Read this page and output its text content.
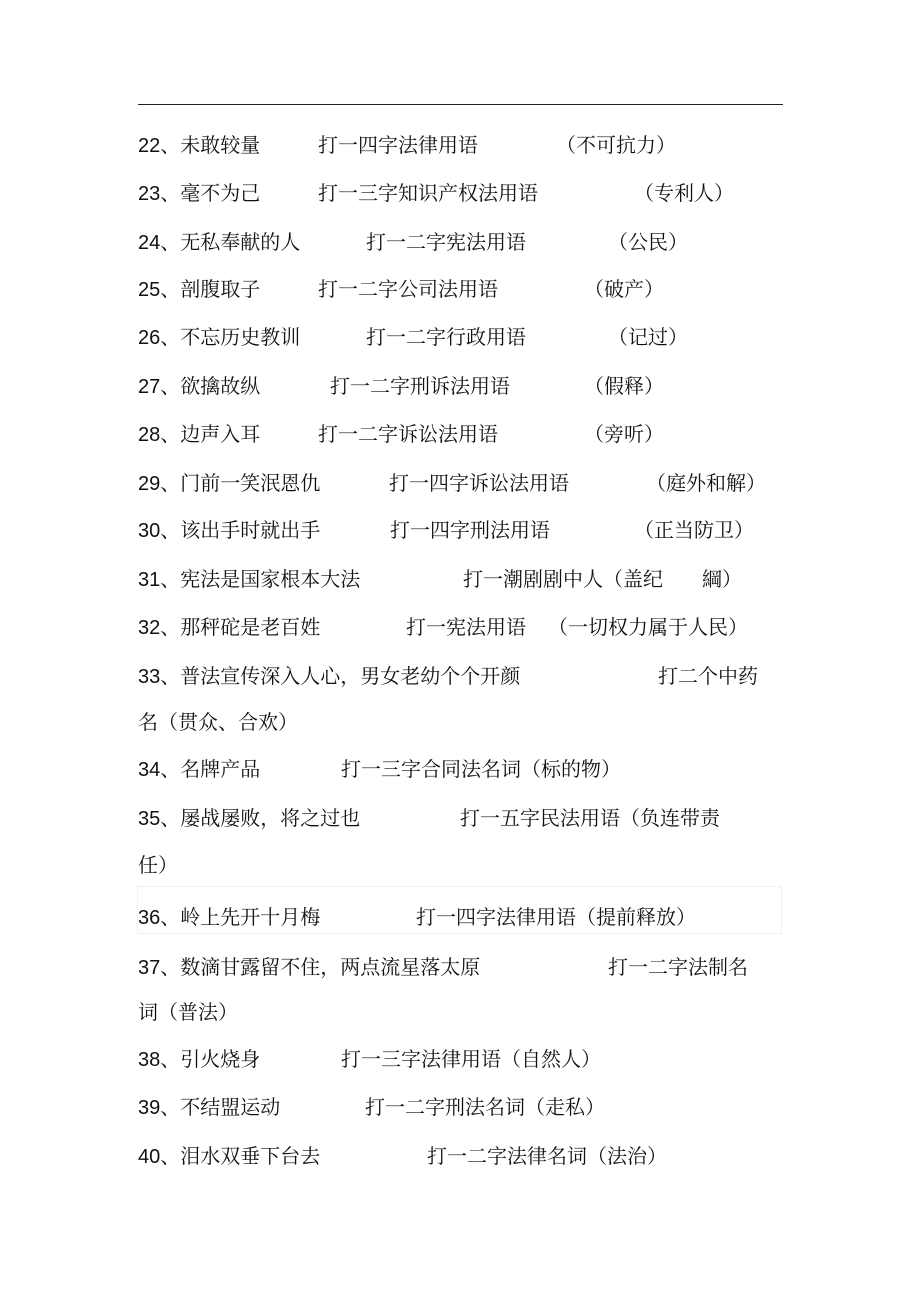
22、未敢较量	打一四字法律用语	（不可抗力）
23、毫不为己	打一三字知识产权法用语	（专利人）
24、无私奉献的人	打一二字宪法用语	（公民）
25、剖腹取子	打一二字公司法用语	（破产）
26、不忘历史教训	打一二字行政用语	（记过）
27、欲擒故纵	打一二字刑诉法用语	（假释）
28、边声入耳	打一二字诉讼法用语	（旁听）
29、门前一笑泯恩仇	打一四字诉讼法用语	（庭外和解）
30、该出手时就出手	打一四字刑法用语	（正当防卫）
31、宪法是国家根本大法	打一潮剧剧中人（盖纪 綱）
32、那秤砣是老百姓	打一宪法用语 （一切权力属于人民）
33、普法宣传深入人心，男女老幼个个开颜	打二个中药
名（贯众、合欢）
34、名牌产品	打一三字合同法名词（标的物）
35、屡战屡败，将之过也	打一五字民法用语（负连带责
任）
36、岭上先开十月梅	打一四字法律用语（提前释放）
37、数滴甘露留不住，两点流星落太原	打一二字法制名
词（普法）
38、引火烧身	打一三字法律用语（自然人）
39、不结盟运动	打一二字刑法名词（走私）
40、泪水双垂下台去	打一二字法律名词（法治）
